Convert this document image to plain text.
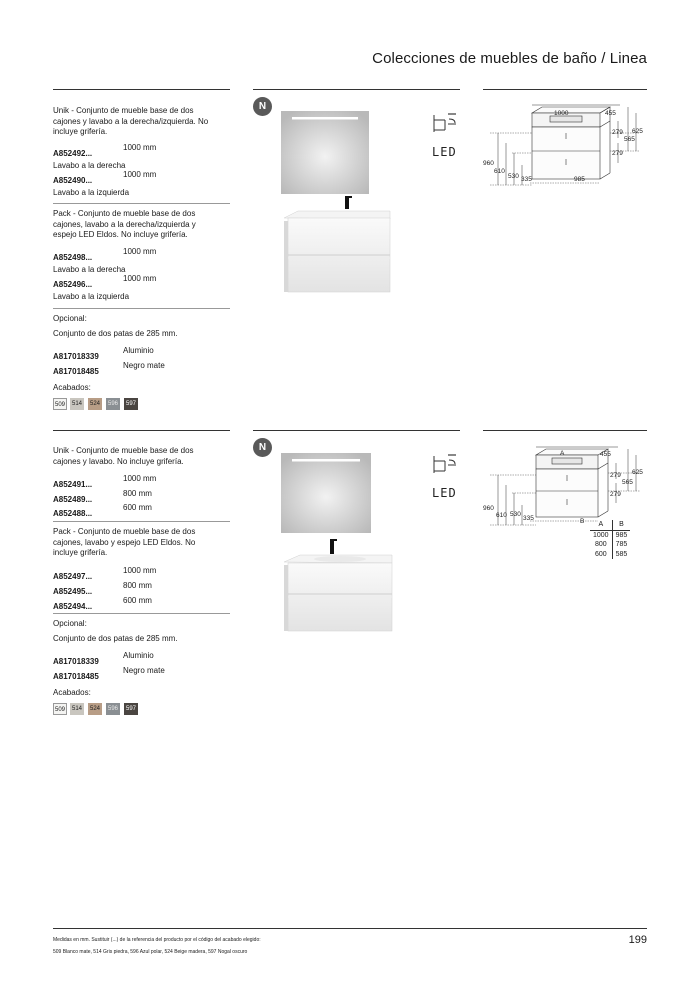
Colecciones de muebles de baño / Linea
Unik - Conjunto de mueble base de dos
cajones y lavabo a la derecha/izquierda. No
incluye grifería.
A852492...
1000 mm
Lavabo a la derecha
A852490...
1000 mm
Lavabo a la izquierda
Pack - Conjunto de mueble base de dos
cajones, lavabo a la derecha/izquierda y
espejo LED Eldos. No incluye grifería.
A852498...
1000 mm
Lavabo a la derecha
A852496...
1000 mm
Lavabo a la izquierda
Opcional:
Conjunto de dos patas de 285 mm.
A817018339
Aluminio
A817018485
Negro mate
Acabados:
509	514	524	596	597
N
LED
1000	455
279 625
565
279
960
610
530 335	985
Unik - Conjunto de mueble base de dos
cajones y lavabo. No incluye grifería.
A852491...
1000 mm
A852489...
800 mm
A852488...
600 mm
Pack - Conjunto de mueble base de dos
cajones, lavabo y espejo LED Eldos. No
incluye grifería.
A852497...
1000 mm
A852495...
800 mm
A852494...
600 mm
Opcional:
Conjunto de dos patas de 285 mm.
A817018339
Aluminio
A817018485
Negro mate
Acabados:
509	514	524	596	597
N
LED
A	455
279 625
565
279
960
610 530
335	B A	B
1000	985
800	785
600	585
Medidas en mm. Sustituir (...) de la referencia del producto por el código del acabado elegido:
509 Blanco mate, 514 Gris piedra, 596 Azul polar, 524 Beige madera, 597 Nogal oscuro
199
